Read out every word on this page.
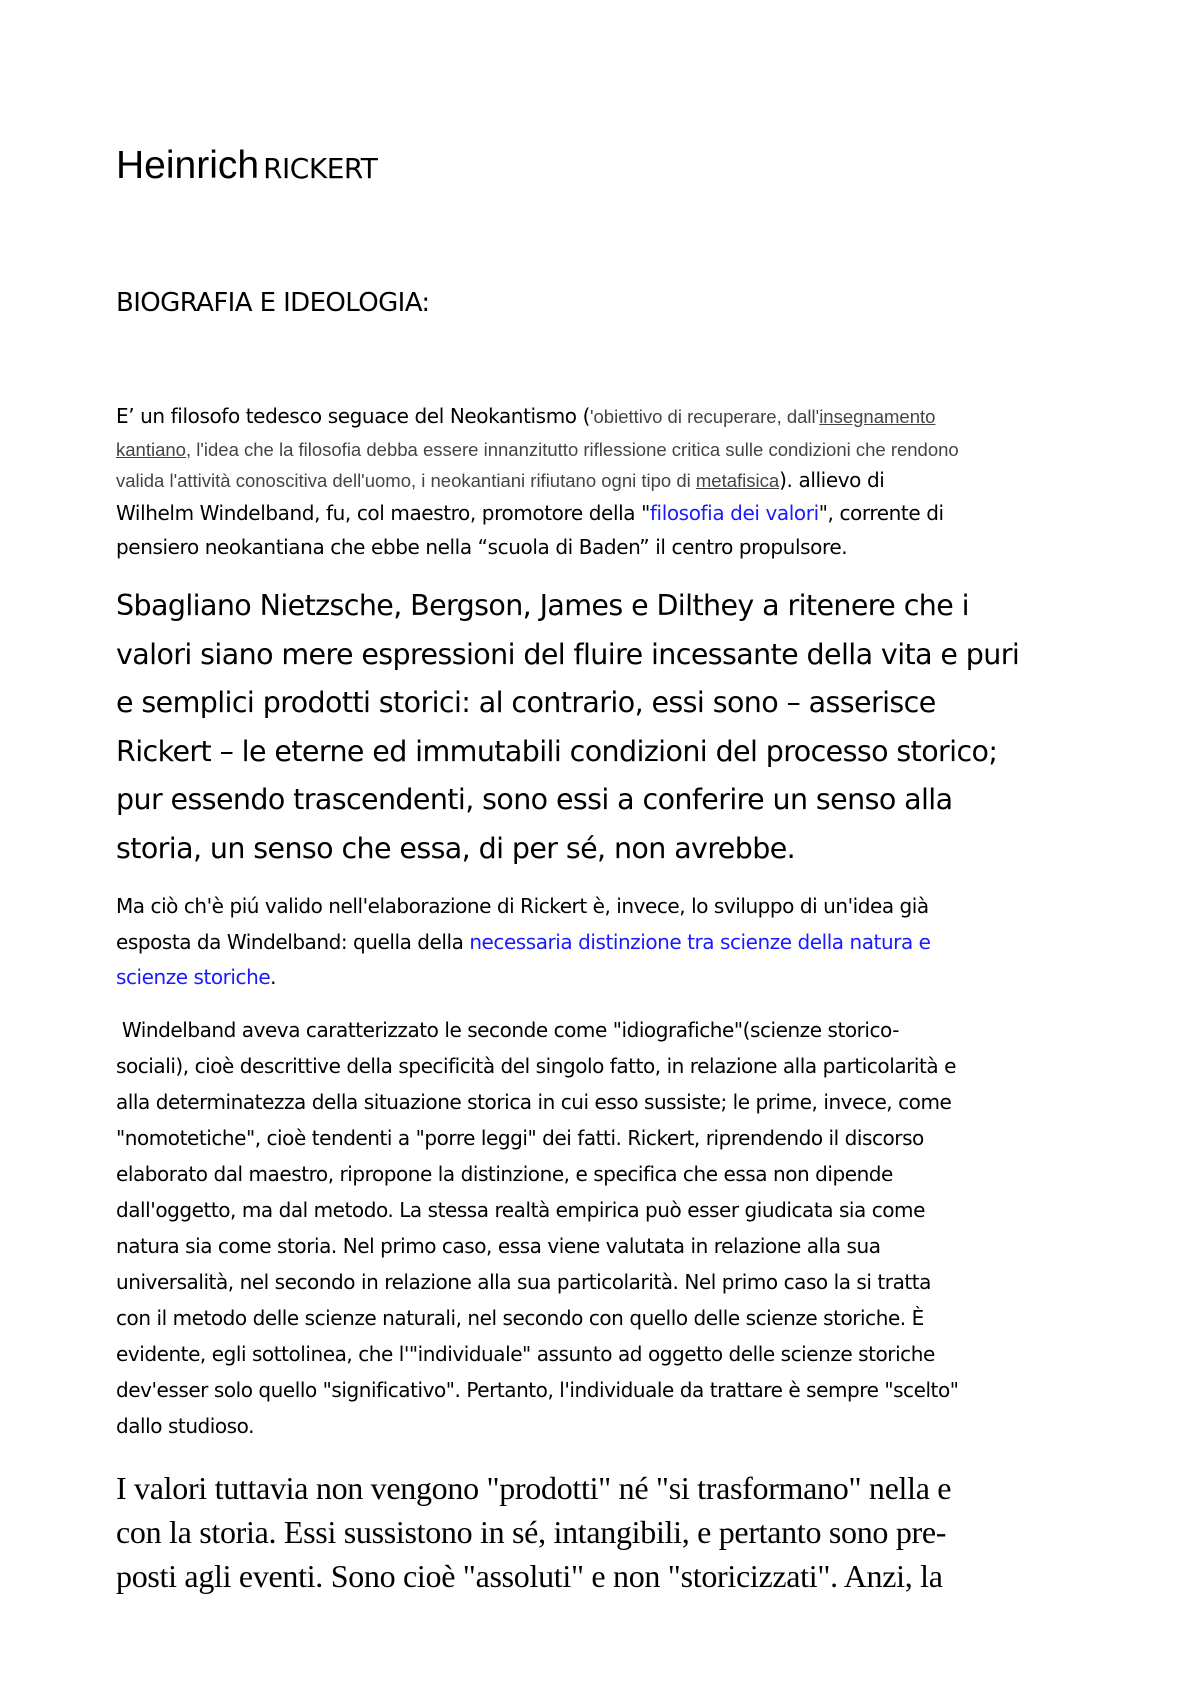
Heinrich RICKERT
BIOGRAFIA E IDEOLOGIA:

E’ un filosofo tedesco seguace del Neokantismo ('obiettivo di recuperare, dall'insegnamento
kantiano, l'idea che la filosofia debba essere innanzitutto riflessione critica sulle condizioni che rendono
valida l'attività conoscitiva dell'uomo, i neokantiani rifiutano ogni tipo di metafisica). allievo di
Wilhelm Windelband, fu, col maestro, promotore della "filosofia dei valori", corrente di
pensiero neokantiana che ebbe nella “scuola di Baden” il centro propulsore.

Sbagliano Nietzsche, Bergson, James e Dilthey a ritenere che i
valori siano mere espressioni del fluire incessante della vita e puri
e semplici prodotti storici: al contrario, essi sono – asserisce
Rickert – le eterne ed immutabili condizioni del processo storico;
pur essendo trascendenti, sono essi a conferire un senso alla
storia, un senso che essa, di per sé, non avrebbe.

Ma ciò ch'è piú valido nell'elaborazione di Rickert è, invece, lo sviluppo di un'idea già
esposta da Windelband: quella della necessaria distinzione tra scienze della natura e
scienze storiche.

Windelband aveva caratterizzato le seconde come "idiografiche"(scienze storico-
sociali), cioè descrittive della specificità del singolo fatto, in relazione alla particolarità e
alla determinatezza della situazione storica in cui esso sussiste; le prime, invece, come
"nomotetiche", cioè tendenti a "porre leggi" dei fatti. Rickert, riprendendo il discorso
elaborato dal maestro, ripropone la distinzione, e specifica che essa non dipende
dall'oggetto, ma dal metodo. La stessa realtà empirica può esser giudicata sia come
natura sia come storia. Nel primo caso, essa viene valutata in relazione alla sua
universalità, nel secondo in relazione alla sua particolarità. Nel primo caso la si tratta
con il metodo delle scienze naturali, nel secondo con quello delle scienze storiche. È
evidente, egli sottolinea, che l'"individuale" assunto ad oggetto delle scienze storiche
dev'esser solo quello "significativo". Pertanto, l'individuale da trattare è sempre "scelto"
dallo studioso.

I valori tuttavia non vengono "prodotti" né "si trasformano" nella e
con la storia. Essi sussistono in sé, intangibili, e pertanto sono pre-
posti agli eventi. Sono cioè "assoluti" e non "storicizzati". Anzi, la
